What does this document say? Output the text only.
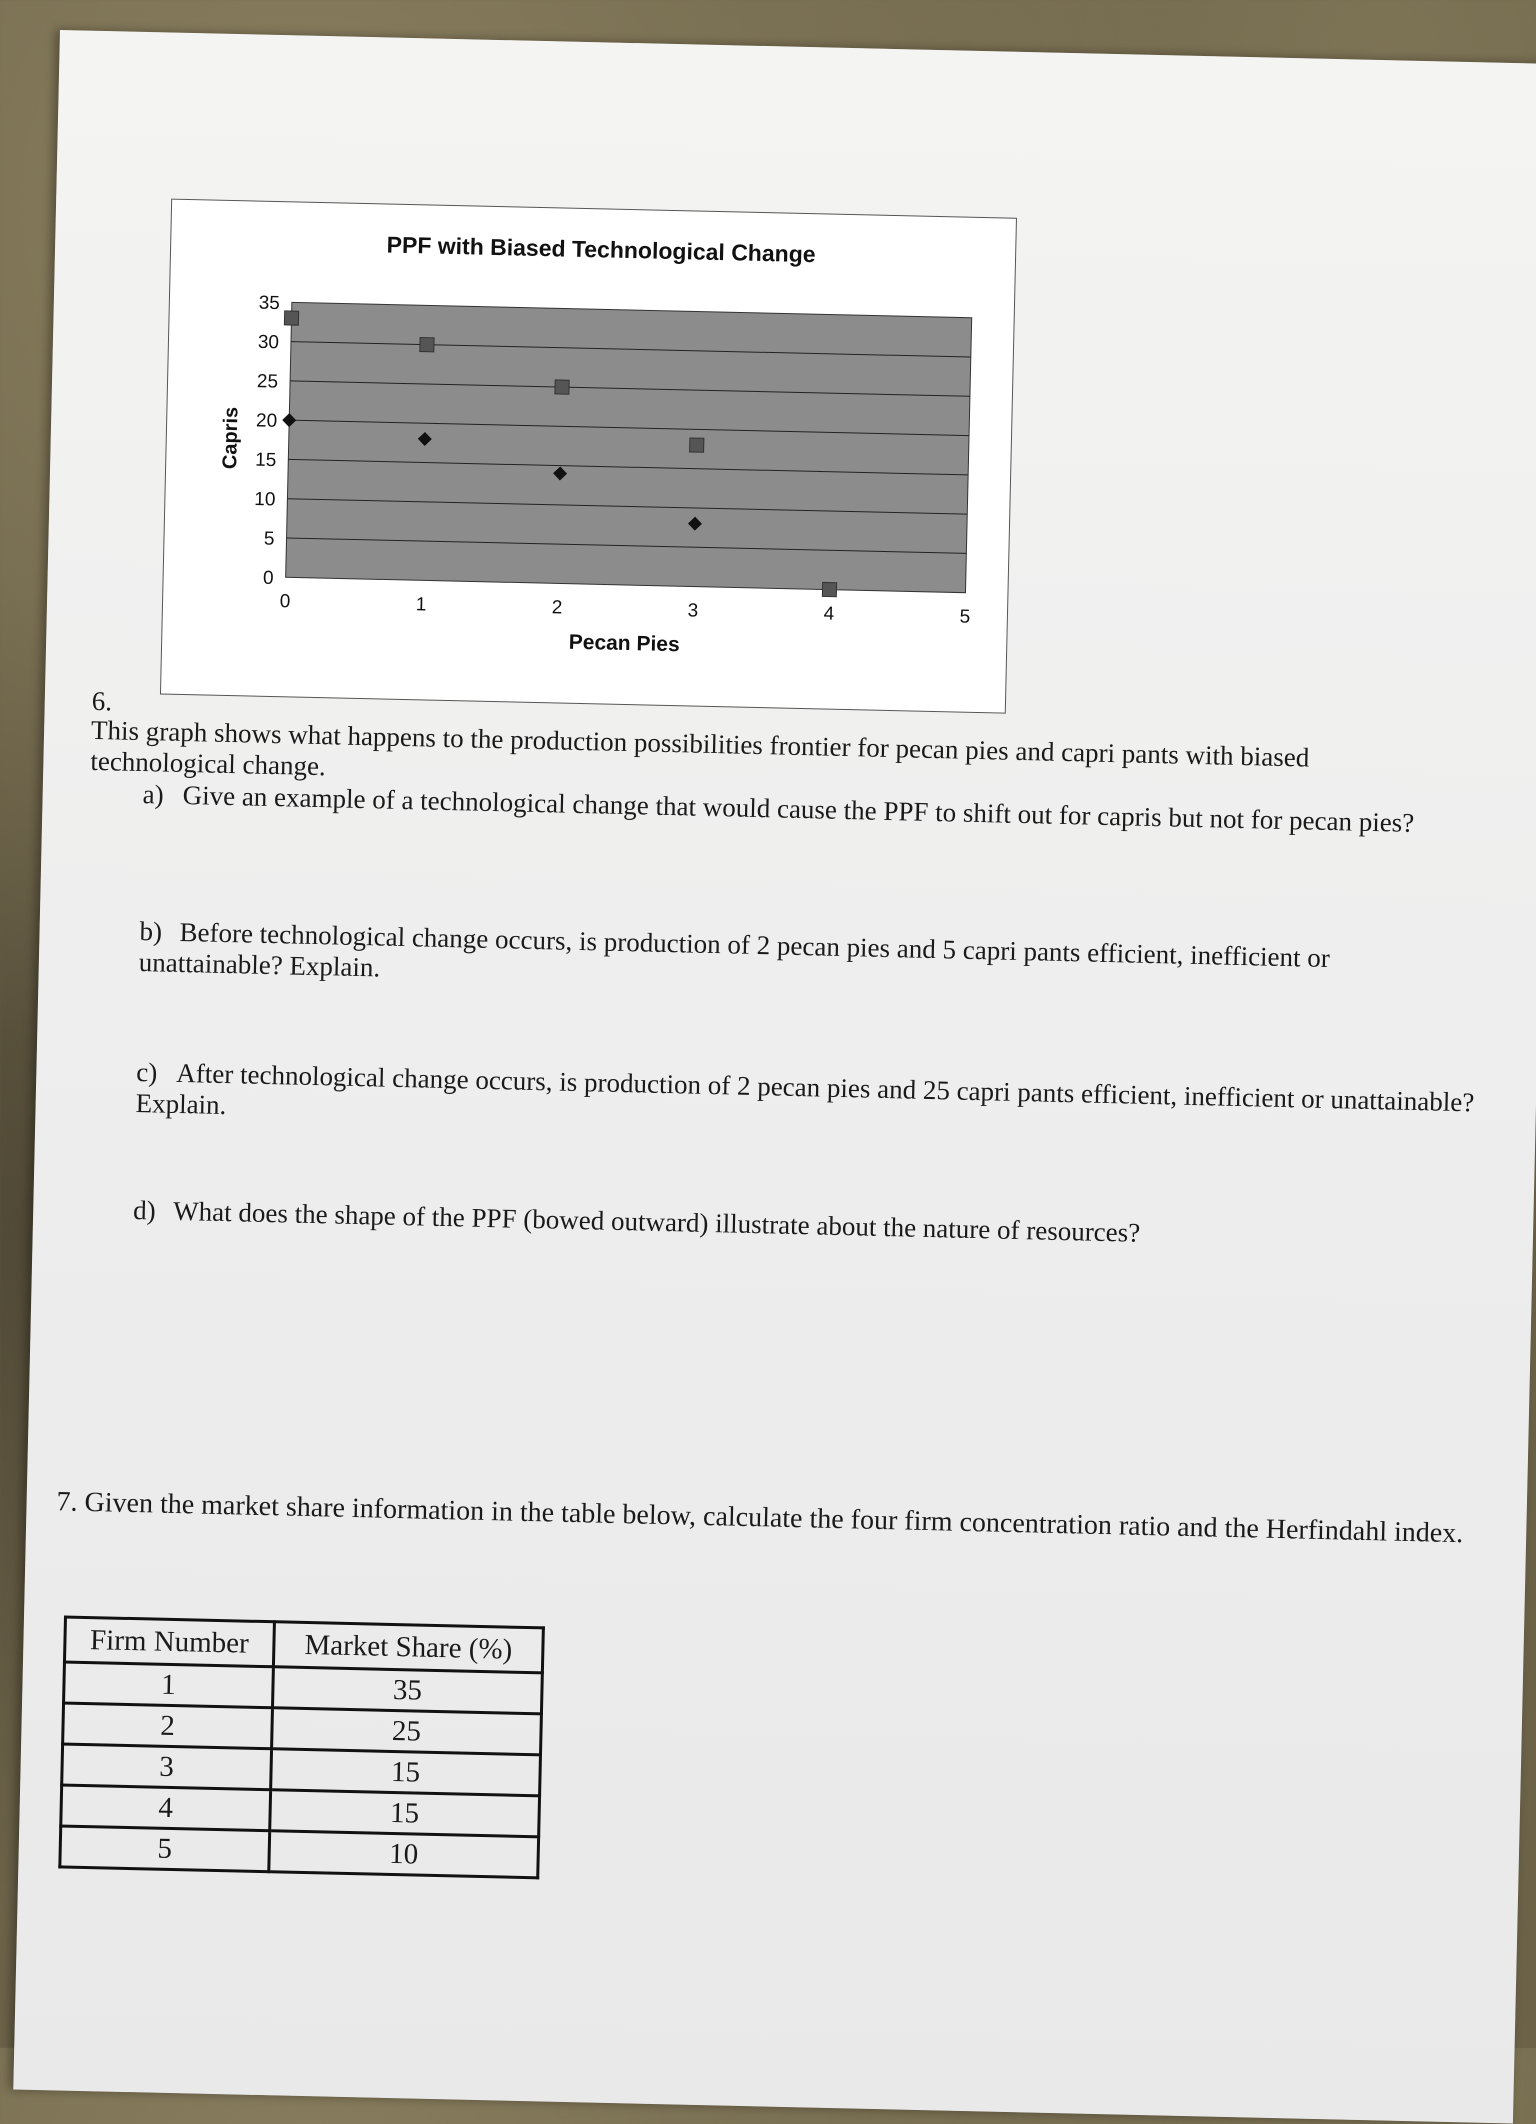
PPF with Biased Technological Change
0
5
10
15
20
25
30
35
0	1	2	3	4	5
Pecan Pies
Capris
6.
This graph shows what happens to the production possibilities frontier for pecan pies and capri pants with biased technological change.
a) Give an example of a technological change that would cause the PPF to shift out for capris but not for pecan pies?
b) Before technological change occurs, is production of 2 pecan pies and 5 capri pants efficient, inefficient or unattainable? Explain.
c) After technological change occurs, is production of 2 pecan pies and 25 capri pants efficient, inefficient or unattainable? Explain.
d) What does the shape of the PPF (bowed outward) illustrate about the nature of resources?
7. Given the market share information in the table below, calculate the four firm concentration ratio and the Herfindahl index.
Firm Number	Market Share (%)
1	35
2	25
3	15
4	15
5	10
